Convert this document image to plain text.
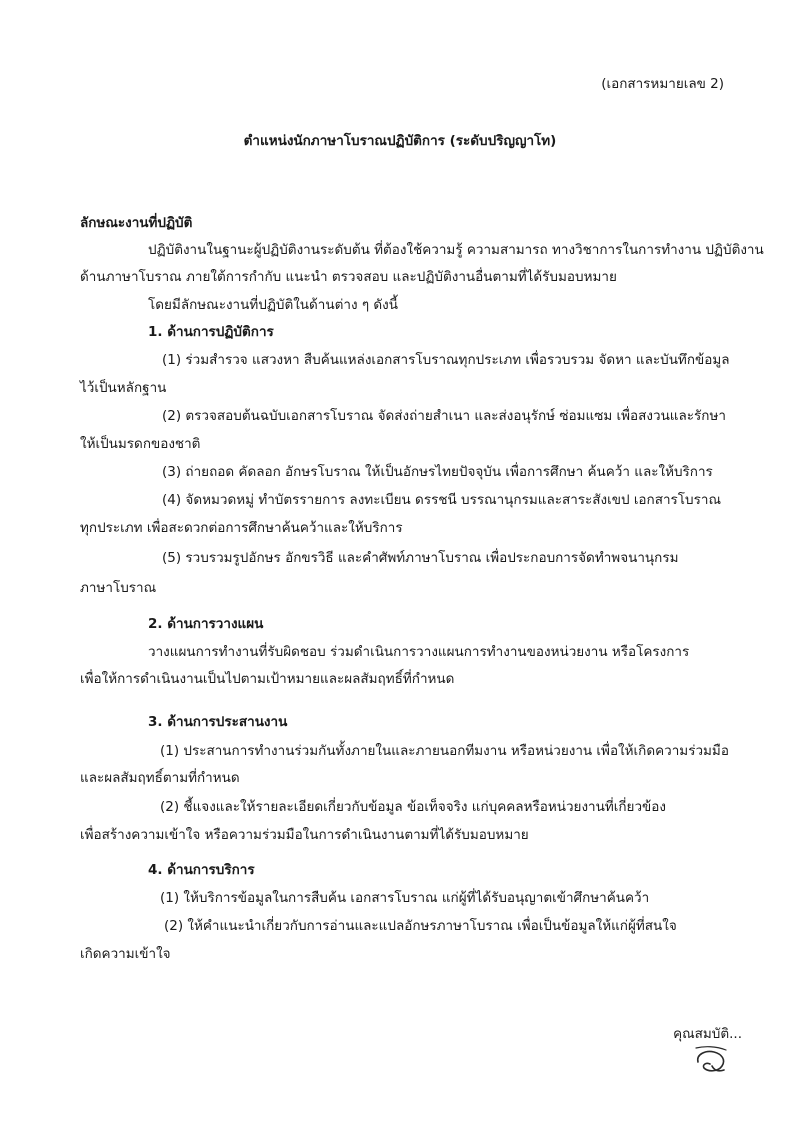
(เอกสารหมายเลข 2)
ตำแหน่งนักภาษาโบราณปฏิบัติการ (ระดับปริญญาโท)
ลักษณะงานที่ปฏิบัติ
ปฏิบัติงานในฐานะผู้ปฏิบัติงานระดับต้น ที่ต้องใช้ความรู้ ความสามารถ ทางวิชาการในการทำงาน ปฏิบัติงาน
ด้านภาษาโบราณ ภายใต้การกำกับ แนะนำ ตรวจสอบ และปฏิบัติงานอื่นตามที่ได้รับมอบหมาย
โดยมีลักษณะงานที่ปฏิบัติในด้านต่าง ๆ ดังนี้
1. ด้านการปฏิบัติการ
(1) ร่วมสำรวจ แสวงหา สืบค้นแหล่งเอกสารโบราณทุกประเภท เพื่อรวบรวม จัดหา และบันทึกข้อมูล
ไว้เป็นหลักฐาน
(2) ตรวจสอบต้นฉบับเอกสารโบราณ จัดส่งถ่ายสำเนา และส่งอนุรักษ์ ซ่อมแซม เพื่อสงวนและรักษา
ให้เป็นมรดกของชาติ
(3) ถ่ายถอด คัดลอก อักษรโบราณ ให้เป็นอักษรไทยปัจจุบัน เพื่อการศึกษา ค้นคว้า และให้บริการ
(4) จัดหมวดหมู่ ทำบัตรรายการ ลงทะเบียน ดรรชนี บรรณานุกรมและสาระสังเขป เอกสารโบราณ
ทุกประเภท เพื่อสะดวกต่อการศึกษาค้นคว้าและให้บริการ
(5) รวบรวมรูปอักษร อักขรวิธี และคำศัพท์ภาษาโบราณ เพื่อประกอบการจัดทำพจนานุกรม
ภาษาโบราณ
2. ด้านการวางแผน
วางแผนการทำงานที่รับผิดชอบ ร่วมดำเนินการวางแผนการทำงานของหน่วยงาน หรือโครงการ
เพื่อให้การดำเนินงานเป็นไปตามเป้าหมายและผลสัมฤทธิ์ที่กำหนด
3. ด้านการประสานงาน
(1) ประสานการทำงานร่วมกันทั้งภายในและภายนอกทีมงาน หรือหน่วยงาน เพื่อให้เกิดความร่วมมือ
และผลสัมฤทธิ์ตามที่กำหนด
(2) ชี้แจงและให้รายละเอียดเกี่ยวกับข้อมูล ข้อเท็จจริง แก่บุคคลหรือหน่วยงานที่เกี่ยวข้อง
เพื่อสร้างความเข้าใจ หรือความร่วมมือในการดำเนินงานตามที่ได้รับมอบหมาย
4. ด้านการบริการ
(1) ให้บริการข้อมูลในการสืบค้น เอกสารโบราณ แก่ผู้ที่ได้รับอนุญาตเข้าศึกษาค้นคว้า
(2) ให้คำแนะนำเกี่ยวกับการอ่านและแปลอักษรภาษาโบราณ เพื่อเป็นข้อมูลให้แก่ผู้ที่สนใจ
เกิดความเข้าใจ
คุณสมบัติ...
